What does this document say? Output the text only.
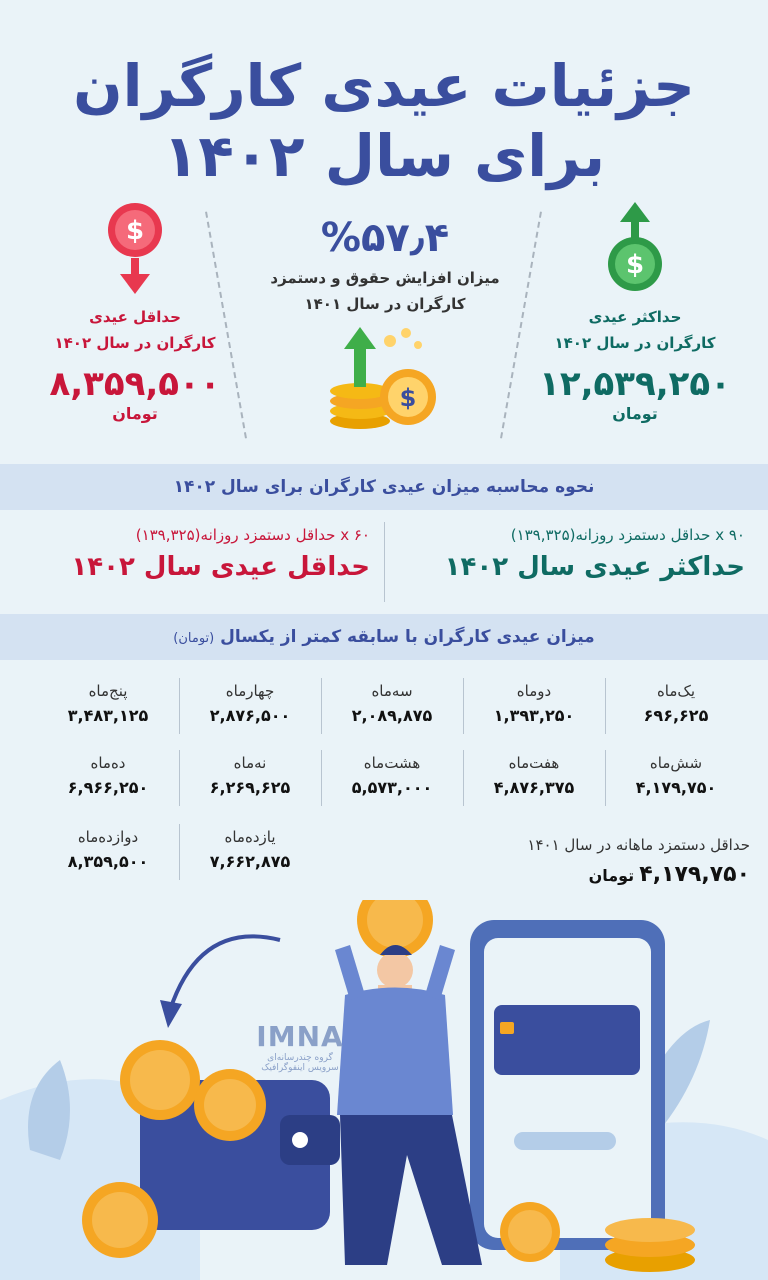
جزئیات عیدی کارگران
برای سال ۱۴۰۲
$
حداقل عیدی
کارگران در سال ۱۴۰۲
۸,۳۵۹,۵۰۰
تومان
%۵۷٫۴
میزان افزایش حقوق و دستمزد
کارگران در سال ۱۴۰۱
$
$
حداکثر عیدی
کارگران در سال ۱۴۰۲
۱۲,۵۳۹,۲۵۰
تومان
نحوه محاسبه میزان عیدی کارگران برای سال ۱۴۰۲
۹۰ x حداقل دستمزد روزانه(۱۳۹,۳۲۵)
حداکثر عیدی سال ۱۴۰۲
۶۰ x حداقل دستمزد روزانه(۱۳۹,۳۲۵)
حداقل عیدی سال ۱۴۰۲
میزان عیدی کارگران با سابقه کمتر از یکسال (تومان)
یک‌ماه
۶۹۶,۶۲۵
دوماه
۱,۳۹۳,۲۵۰
سه‌ماه
۲,۰۸۹,۸۷۵
چهارماه
۲,۸۷۶,۵۰۰
پنج‌ماه
۳,۴۸۳,۱۲۵
شش‌ماه
۴,۱۷۹,۷۵۰
هفت‌ماه
۴,۸۷۶,۳۷۵
هشت‌ماه
۵,۵۷۳,۰۰۰
نه‌ماه
۶,۲۶۹,۶۲۵
ده‌ماه
۶,۹۶۶,۲۵۰
یازده‌ماه
۷,۶۶۲,۸۷۵
دوازده‌ماه
۸,۳۵۹,۵۰۰
حداقل دستمزد ماهانه در سال ۱۴۰۱
۴,۱۷۹,۷۵۰ تومان
IMNA
گروه چندرسانه‌ای
سرویس اینفوگرافیک
